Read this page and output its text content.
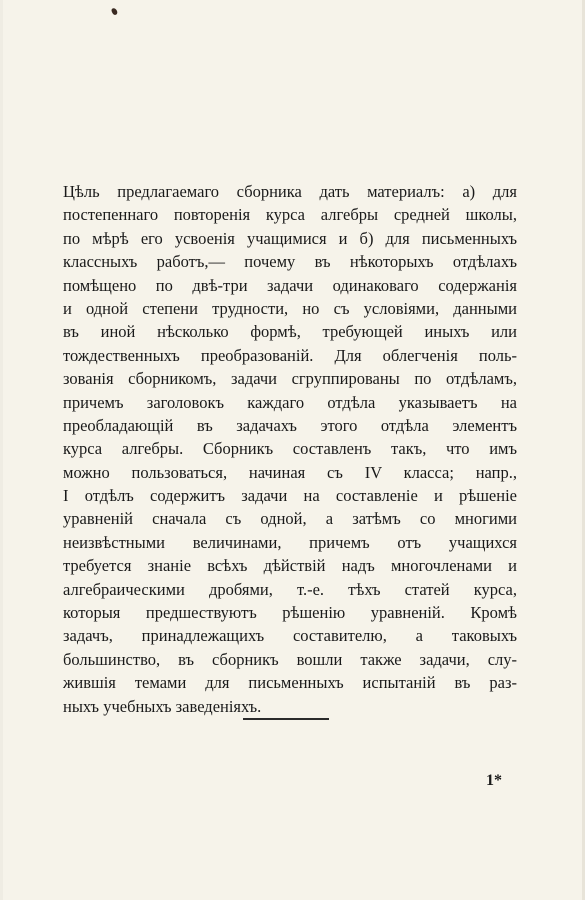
Цѣль предлагаемаго сборника дать материалъ: а) для
постепеннаго повторенія курса алгебры средней школы,
по мѣрѣ его усвоенія учащимися и б) для письменныхъ
классныхъ работъ,— почему въ нѣкоторыхъ отдѣлахъ
помѣщено по двѣ-три задачи одинаковаго содержанія
и одной степени трудности, но съ условіями, данными
въ иной нѣсколько формѣ, требующей иныхъ или
тождественныхъ преобразованій. Для облегченія поль-
зованія сборникомъ, задачи сгруппированы по отдѣламъ,
причемъ заголовокъ каждаго отдѣла указываетъ на
преобладающій въ задачахъ этого отдѣла элементъ
курса алгебры. Сборникъ составленъ такъ, что имъ
можно пользоваться, начиная съ IV класса; напр.,
I отдѣлъ содержитъ задачи на составленіе и рѣшеніе
уравненій сначала съ одной, а затѣмъ со многими
неизвѣстными величинами, причемъ отъ учащихся
требуется знаніе всѣхъ дѣйствій надъ многочленами и
алгебраическими дробями, т.-е. тѣхъ статей курса,
которыя предшествуютъ рѣшенію уравненій. Кромѣ
задачъ, принадлежащихъ составителю, а таковыхъ
большинство, въ сборникъ вошли также задачи, слу-
жившія темами для письменныхъ испытаній въ раз-
ныхъ учебныхъ заведеніяхъ.
1*
